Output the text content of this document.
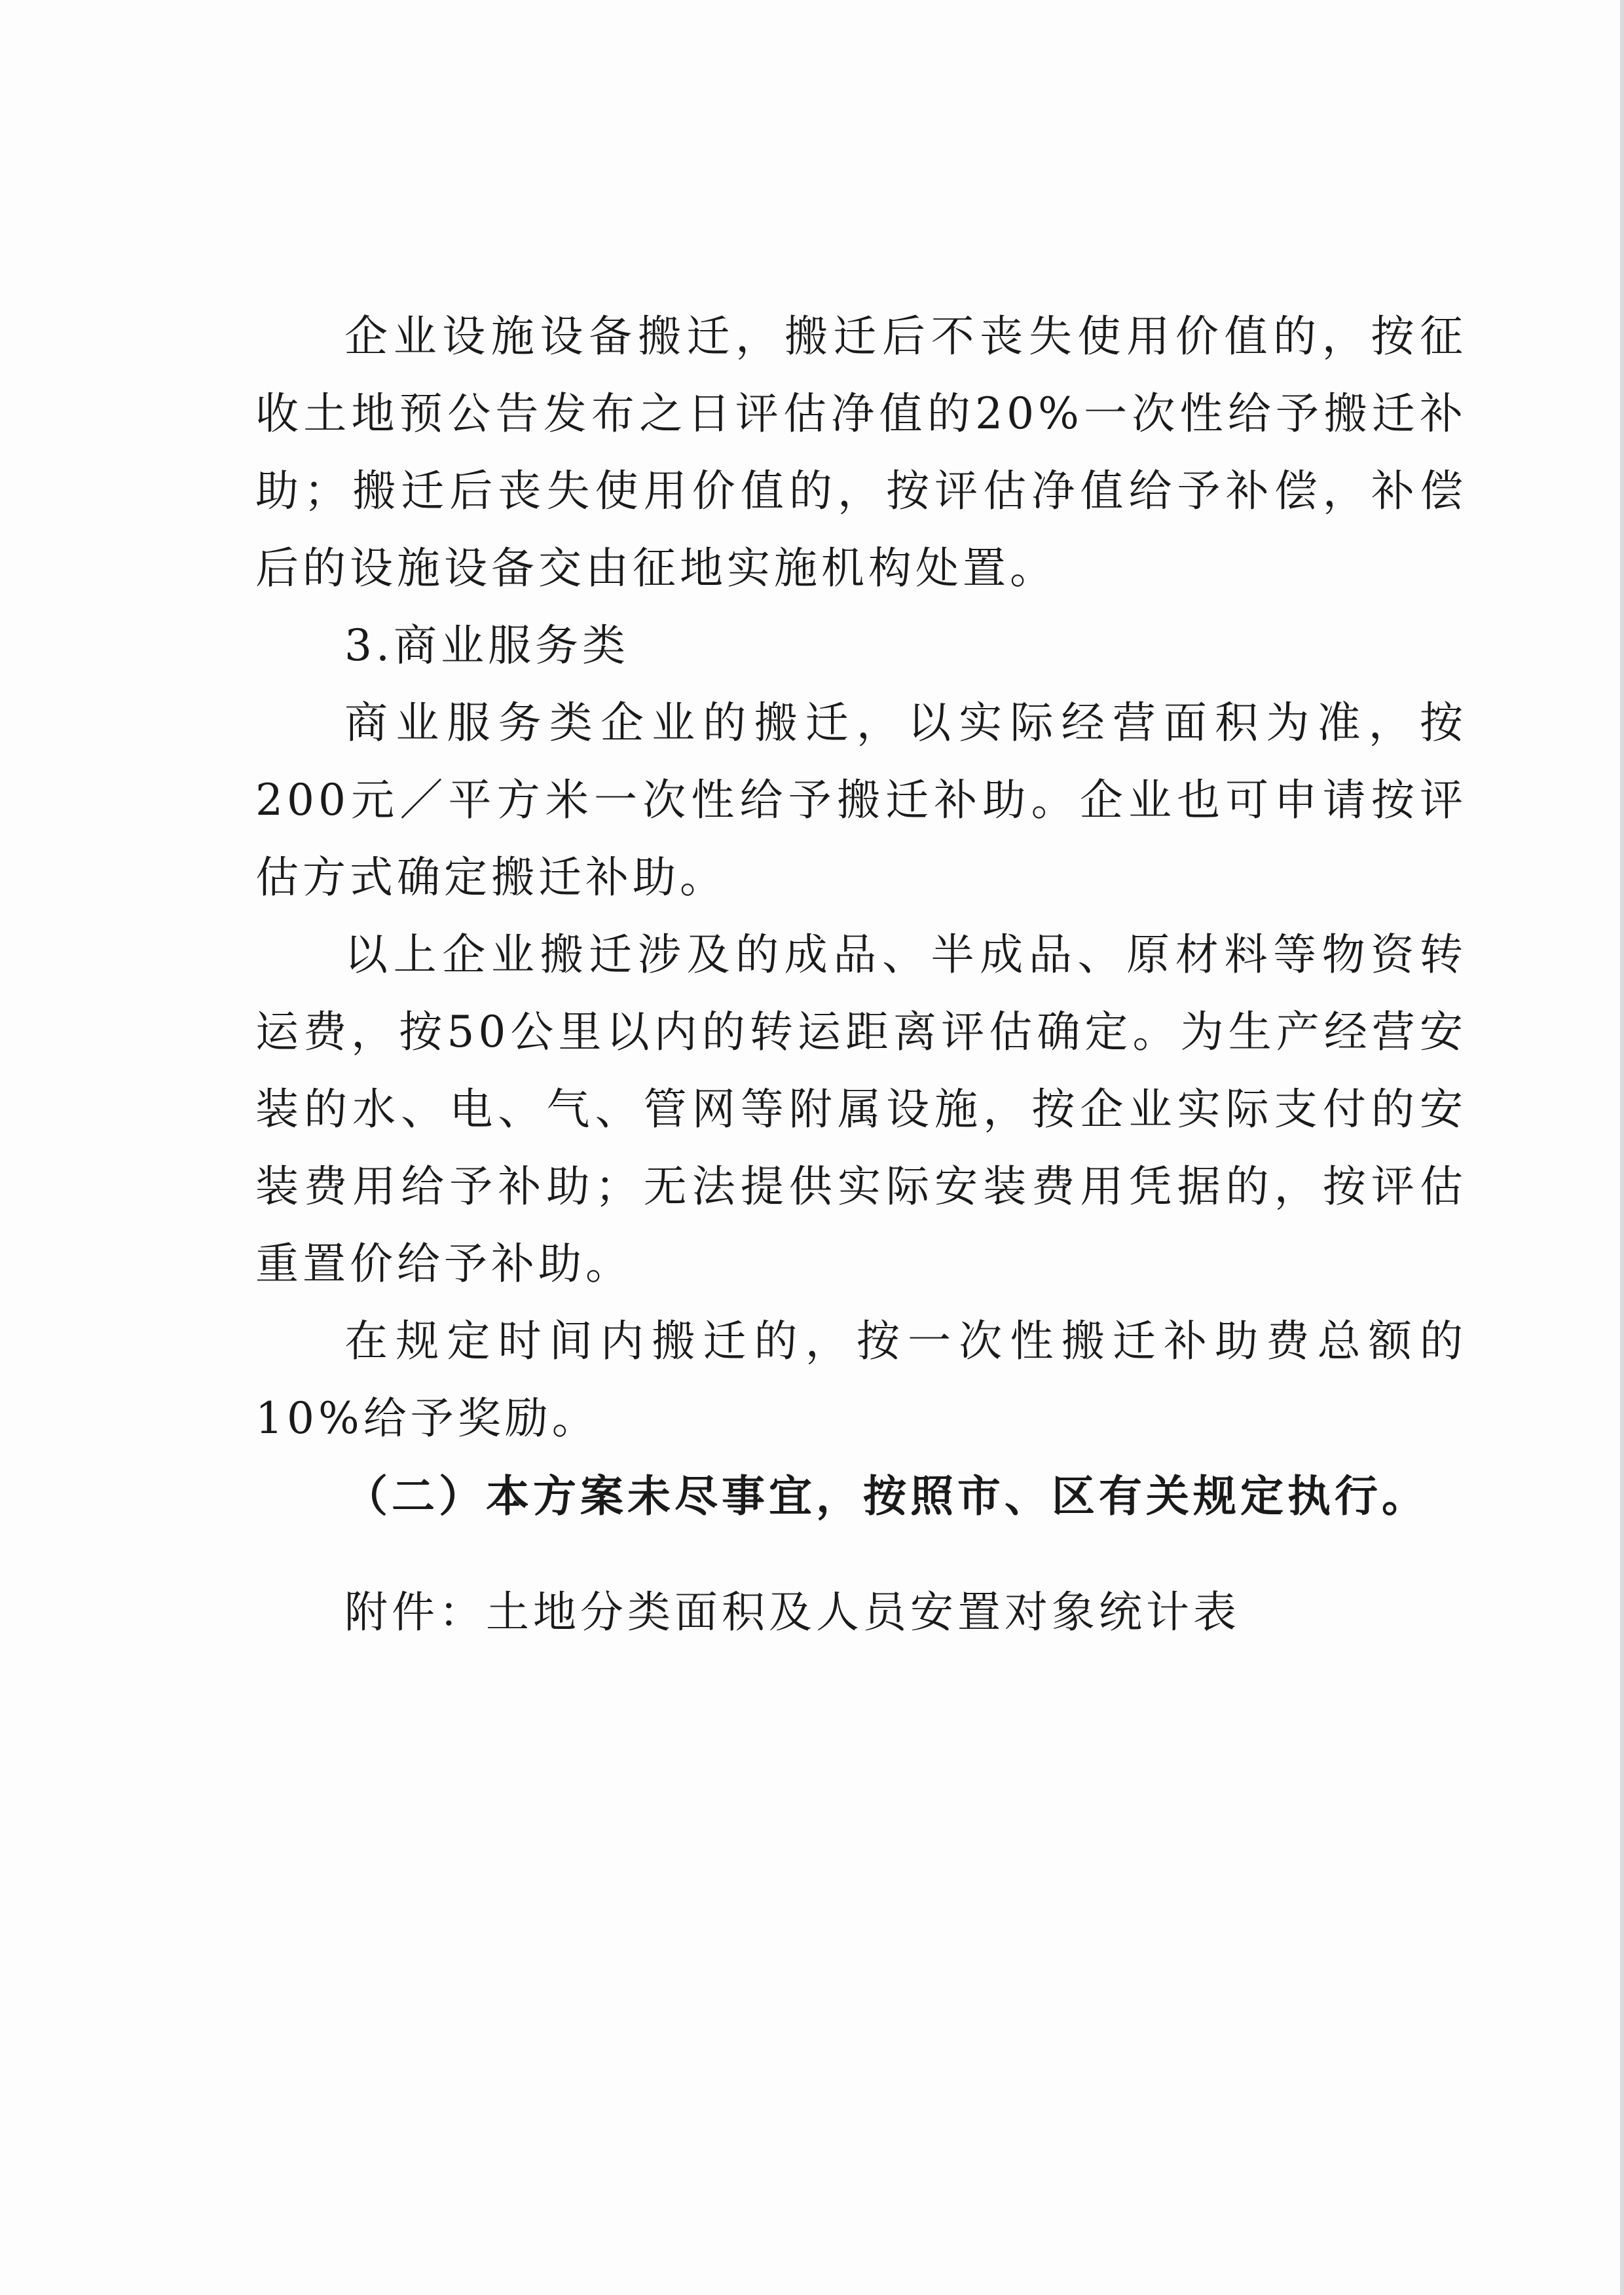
企业设施设备搬迁，搬迁后不丧失使用价值的，按征收土地预公告发布之日评估净值的20%一次性给予搬迁补助；搬迁后丧失使用价值的，按评估净值给予补偿，补偿后的设施设备交由征地实施机构处置。

3.商业服务类

商业服务类企业的搬迁，以实际经营面积为准，按200元／平方米一次性给予搬迁补助。企业也可申请按评估方式确定搬迁补助。

以上企业搬迁涉及的成品、半成品、原材料等物资转运费，按50公里以内的转运距离评估确定。为生产经营安装的水、电、气、管网等附属设施，按企业实际支付的安装费用给予补助；无法提供实际安装费用凭据的，按评估重置价给予补助。

在规定时间内搬迁的，按一次性搬迁补助费总额的10%给予奖励。

（二）本方案未尽事宜，按照市、区有关规定执行。

附件：土地分类面积及人员安置对象统计表
